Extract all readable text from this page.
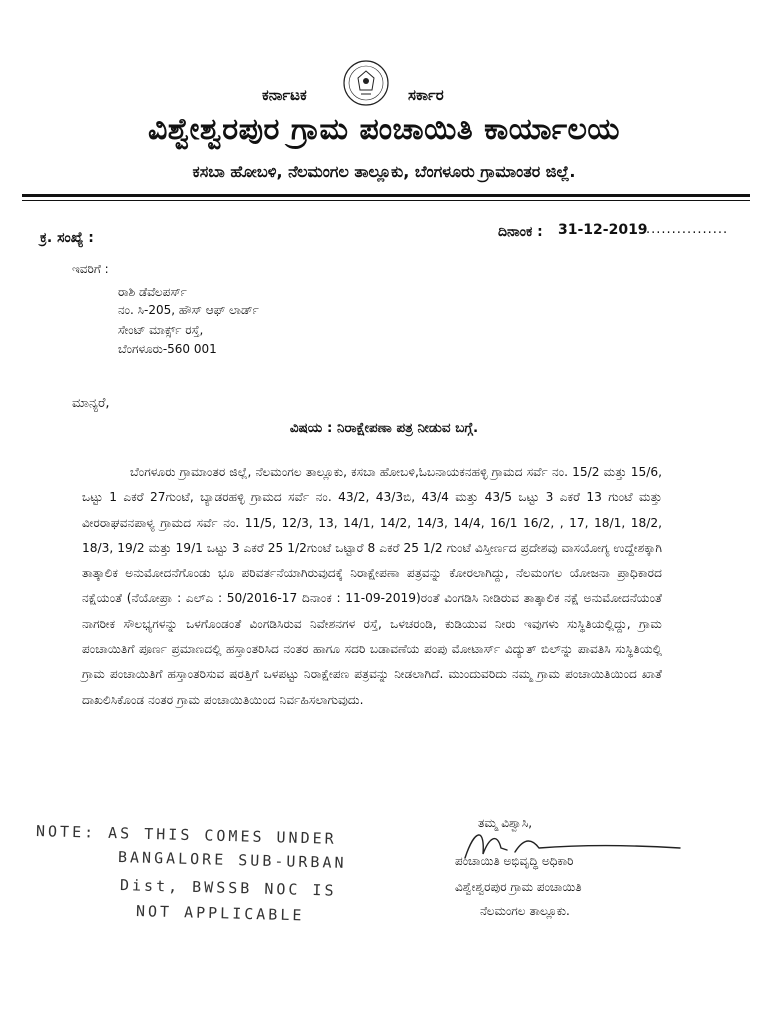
ಕರ್ನಾಟಕ	ಸರ್ಕಾರ
ವಿಶ್ವೇಶ್ವರಪುರ ಗ್ರಾಮ ಪಂಚಾಯಿತಿ ಕಾರ್ಯಾಲಯ
ಕಸಬಾ ಹೋಬಳಿ, ನೆಲಮಂಗಲ ತಾಲ್ಲೂಕು, ಬೆಂಗಳೂರು ಗ್ರಾಮಾಂತರ ಜಿಲ್ಲೆ.
ಕ್ರ. ಸಂಖ್ಯೆ :	ದಿನಾಂಕ : 31-12-2019
................
ಇವರಿಗೆ :
ರಾಶಿ ಡೆವೆಲಪರ್ಸ್
ನಂ. ಸಿ-205, ಹೌಸ್ ಆಫ್ ಲಾರ್ಡ್
ಸೇಂಟ್ ಮಾರ್ಕ್ಸ್ ರಸ್ತೆ,
ಬೆಂಗಳೂರು-560 001
ಮಾನ್ಯರೆ,
ವಿಷಯ : ನಿರಾಕ್ಷೇಪಣಾ ಪತ್ರ ನೀಡುವ ಬಗ್ಗೆ.

ಬೆಂಗಳೂರು ಗ್ರಾಮಾಂತರ ಜಿಲ್ಲೆ, ನೆಲಮಂಗಲ ತಾಲ್ಲೂಕು, ಕಸಬಾ ಹೋಬಳಿ,ಓಬನಾಯಕನಹಳ್ಳಿ ಗ್ರಾಮದ ಸರ್ವೆ ನಂ. 15/2 ಮತ್ತು 15/6, ಒಟ್ಟು 1 ಎಕರೆ 27ಗುಂಟೆ, ಬ್ಯಾಡರಹಳ್ಳಿ ಗ್ರಾಮದ ಸರ್ವೆ ನಂ. 43/2, 43/3ಬಿ, 43/4 ಮತ್ತು 43/5 ಒಟ್ಟು 3 ಎಕರೆ 13 ಗುಂಟೆ ಮತ್ತು ವೀರರಾಘವನಪಾಳ್ಯ ಗ್ರಾಮದ ಸರ್ವೆ ನಂ. 11/5, 12/3, 13, 14/1, 14/2, 14/3, 14/4, 16/1 16/2, , 17, 18/1, 18/2, 18/3, 19/2 ಮತ್ತು 19/1 ಒಟ್ಟು 3 ಎಕರೆ 25 1/2ಗುಂಟೆ ಒಟ್ಟಾರೆ 8 ಎಕರೆ 25 1/2 ಗುಂಟೆ ವಿಸ್ತೀರ್ಣದ ಪ್ರದೇಶವು ವಾಸಯೋಗ್ಯ ಉದ್ದೇಶಕ್ಕಾಗಿ ತಾತ್ಕಾಲಿಕ ಅನುಮೋದನೆಗೊಂಡು ಭೂ ಪರಿವರ್ತನೆಯಾಗಿರುವುದಕ್ಕೆ ನಿರಾಕ್ಷೇಪಣಾ ಪತ್ರವನ್ನು ಕೋರಲಾಗಿದ್ದು, ನೆಲಮಂಗಲ ಯೋಜನಾ ಪ್ರಾಧಿಕಾರದ ನಕ್ಷೆಯಂತೆ (ನೆಯೋಪ್ರಾ : ಎಲ್‌ಎ : 50/2016-17 ದಿನಾಂಕ : 11-09-2019)ರಂತೆ ವಿಂಗಡಿಸಿ ನೀಡಿರುವ ತಾತ್ಕಾಲಿಕ ನಕ್ಷೆ ಅನುಮೋದನೆಯಂತೆ ನಾಗರೀಕ ಸೌಲಭ್ಯಗಳನ್ನು ಒಳಗೊಂಡಂತೆ ವಿಂಗಡಿಸಿರುವ ನಿವೇಶನಗಳ ರಸ್ತೆ, ಒಳಚರಂಡಿ, ಕುಡಿಯುವ ನೀರು ಇವುಗಳು ಸುಸ್ಥಿತಿಯಲ್ಲಿದ್ದು, ಗ್ರಾಮ ಪಂಚಾಯಿತಿಗೆ ಪೂರ್ಣ ಪ್ರಮಾಣದಲ್ಲಿ ಹಸ್ತಾಂತರಿಸಿದ ನಂತರ ಹಾಗೂ ಸದರಿ ಬಡಾವಣೆಯ ಪಂಪು ಮೋಟಾರ್ಸ್ ವಿದ್ಯುತ್ ಬಿಲ್‌ನ್ನು ಪಾವತಿಸಿ ಸುಸ್ಥಿತಿಯಲ್ಲಿ ಗ್ರಾಮ ಪಂಚಾಯಿತಿಗೆ ಹಸ್ತಾಂತರಿಸುವ ಷರತ್ತಿಗೆ ಒಳಪಟ್ಟು ನಿರಾಕ್ಷೇಪಣ ಪತ್ರವನ್ನು ನೀಡಲಾಗಿದೆ. ಮುಂದುವರಿದು ನಮ್ಮ ಗ್ರಾಮ ಪಂಚಾಯಿತಿಯಿಂದ ಖಾತೆ ದಾಖಲಿಸಿಕೊಂಡ ನಂತರ ಗ್ರಾಮ ಪಂಚಾಯಿತಿಯಿಂದ ನಿರ್ವಹಿಸಲಾಗುವುದು.

NOTE: AS THIS COMES UNDER
BANGALORE SUB-URBAN
Dist, BWSSB NOC IS
NOT APPLICABLE
ತಮ್ಮ ವಿಶ್ವಾಸಿ,
ಪಂಚಾಯಿತಿ ಅಭಿವೃದ್ಧಿ ಅಧಿಕಾರಿ
ವಿಶ್ವೇಶ್ವರಪುರ ಗ್ರಾಮ ಪಂಚಾಯಿತಿ
ನೆಲಮಂಗಲ ತಾಲ್ಲೂಕು.
